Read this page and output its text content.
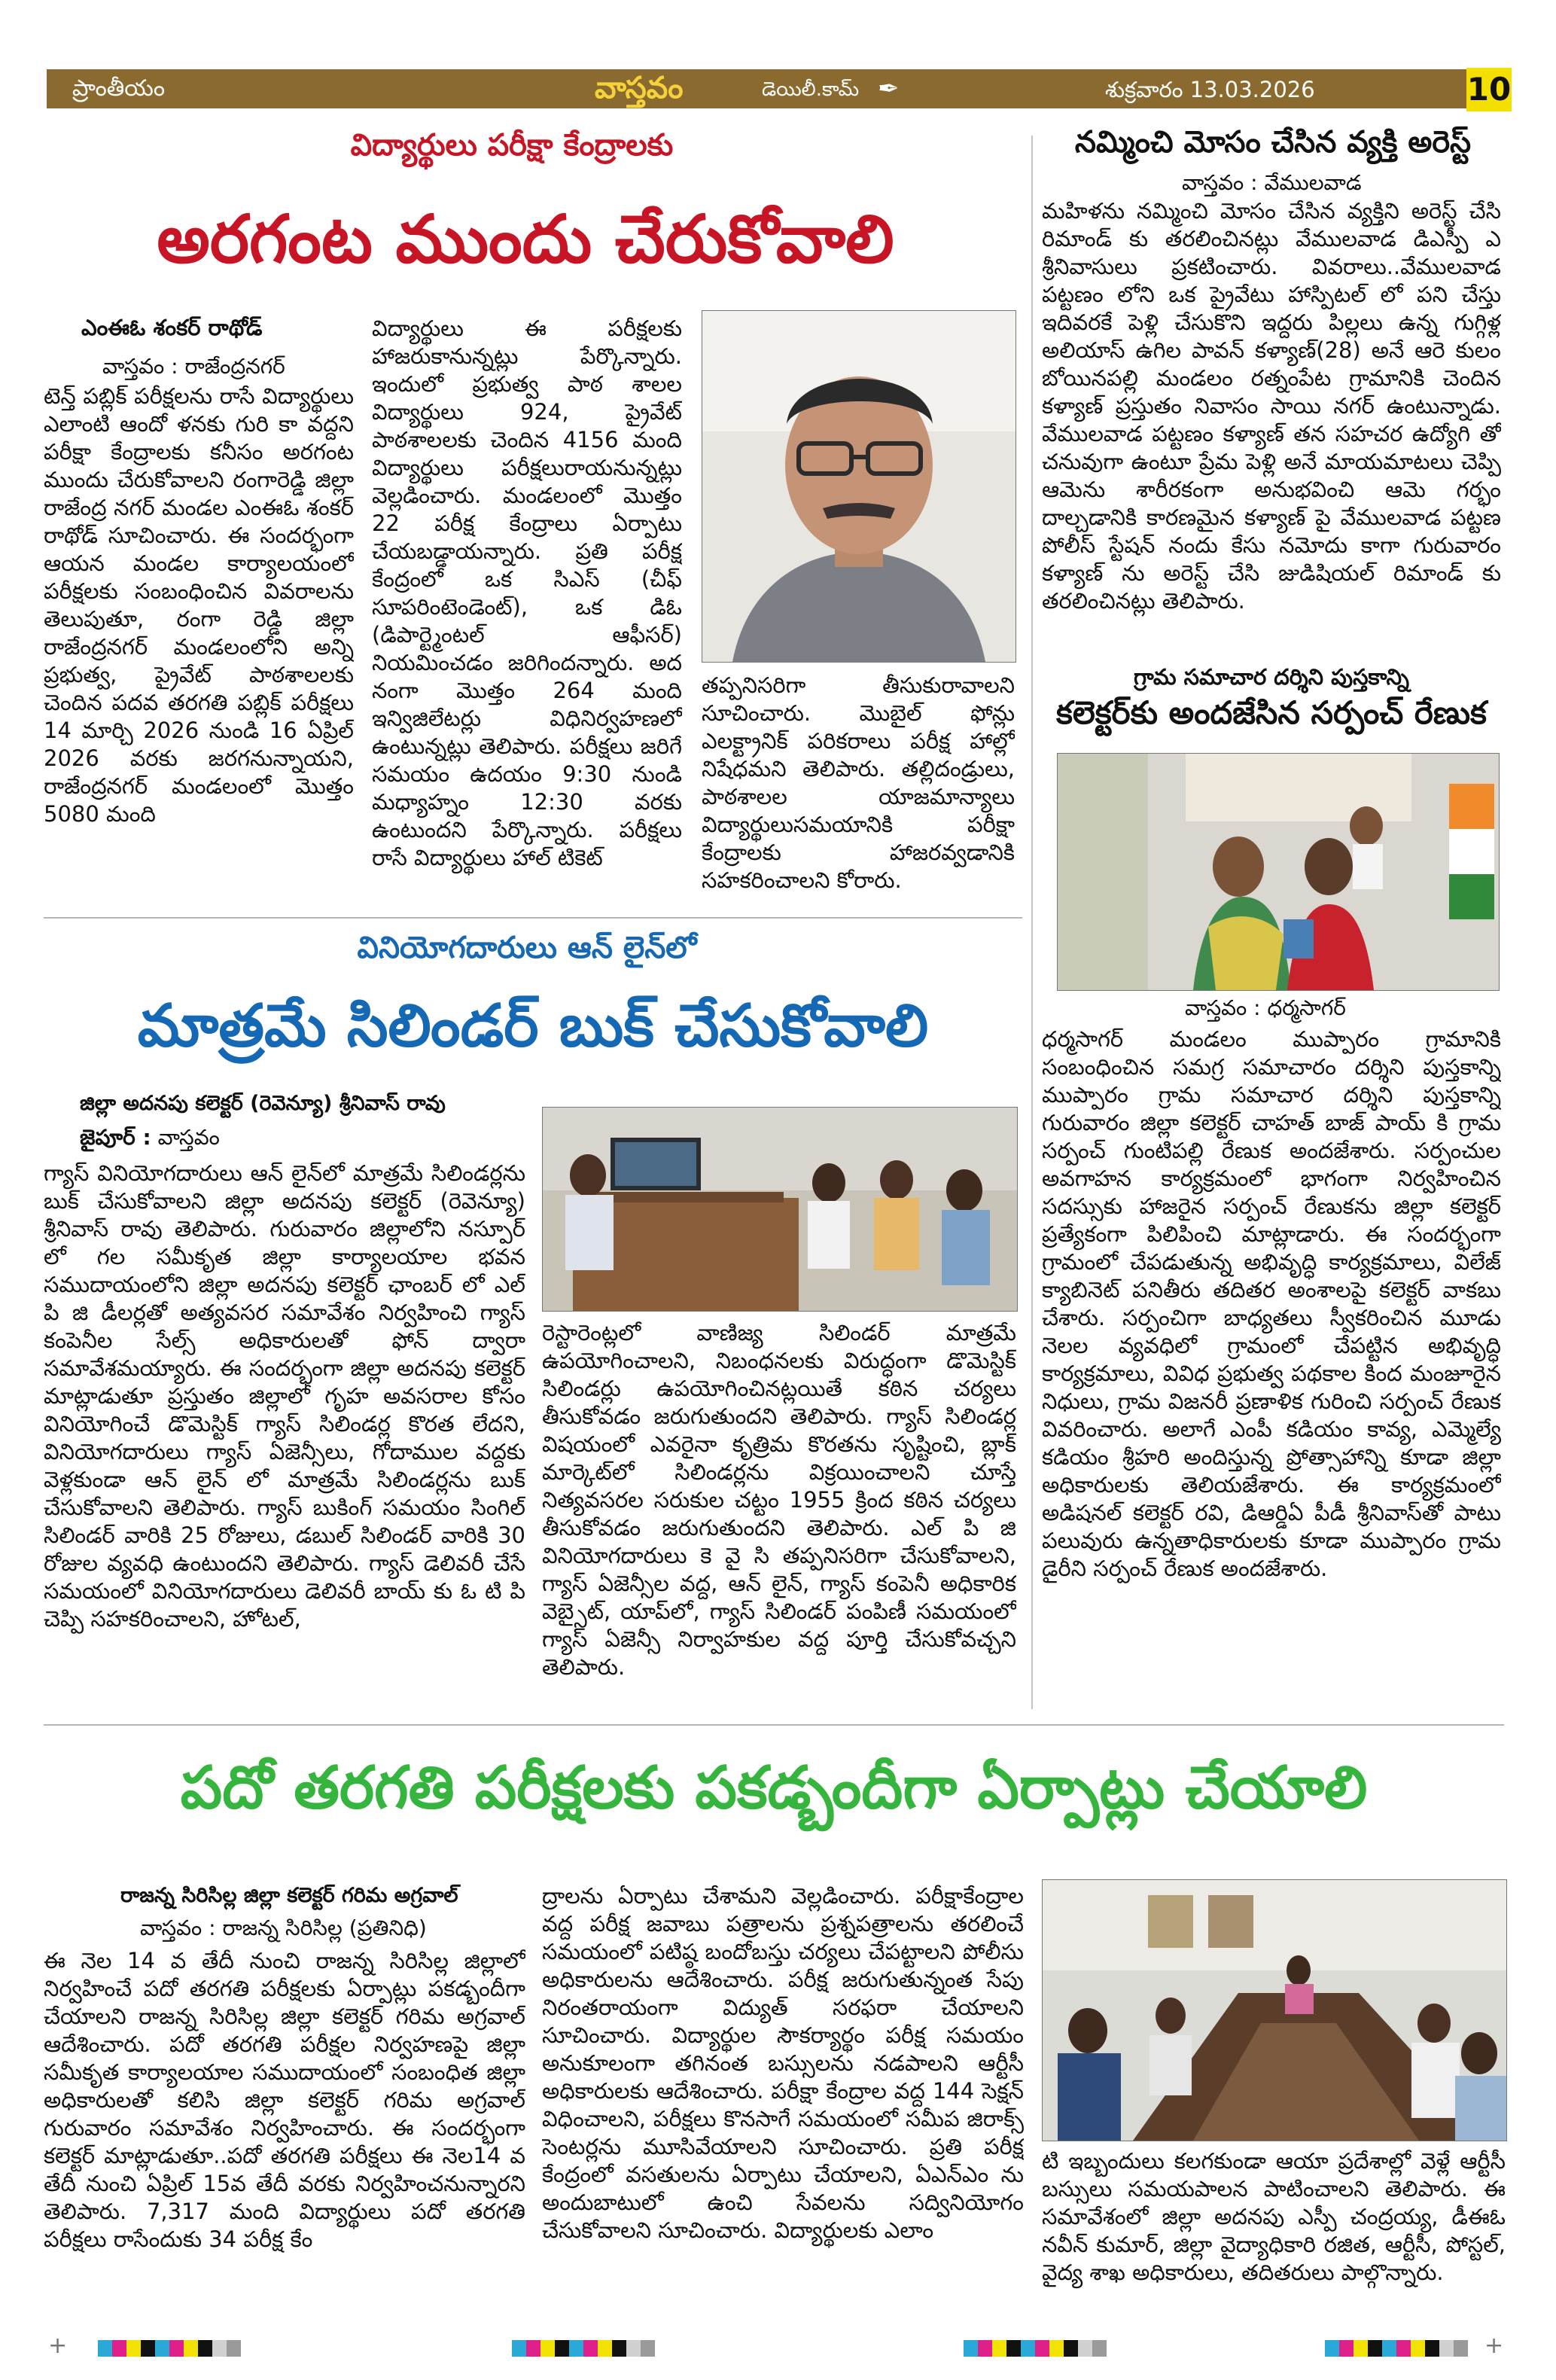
ప్రాంతీయం	వాస్తవం	డెయిలీ.కామ్ ✒	శుక్రవారం 13.03.2026	10
విద్యార్థులు పరీక్షా కేంద్రాలకు
అరగంట ముందు చేరుకోవాలి
ఎంఈఓ శంకర్ రాథోడ్
వాస్తవం : రాజేంద్రనగర్

టెన్త్ పబ్లిక్ పరీక్షలను రాసే విద్యార్థులు ఎలాంటి ఆందో ళనకు గురి కా వద్దని పరీక్షా కేంద్రాలకు కనీసం అరగంట ముందు చేరుకోవాలని రంగారెడ్డి జిల్లా రాజేంద్ర నగర్ మండల ఎంఈఓ శంకర్ రాథోడ్ సూచించారు. ఈ సందర్భంగా ఆయన మండల కార్యాలయంలో పరీక్షలకు సంబంధించిన వివరాలను తెలుపుతూ, రంగా రెడ్డి జిల్లా రాజేంద్రనగర్ మండలంలోని అన్ని ప్రభుత్వ, ప్రైవేట్ పాఠశాలలకు చెందిన పదవ తరగతి పబ్లిక్ పరీక్షలు 14 మార్చి 2026 నుండి 16 ఏప్రిల్ 2026 వరకు జరగనున్నాయని, రాజేంద్రనగర్ మండలంలో మొత్తం 5080 మంది

విద్యార్థులు ఈ పరీక్షలకు హాజరుకానున్నట్లు పేర్కొన్నారు. ఇందులో ప్రభుత్వ పాఠ శాలల విద్యార్థులు 924, ప్రైవేట్ పాఠశాలలకు చెందిన 4156 మంది విద్యార్థులు పరీక్షలురాయనున్నట్లు వెల్లడించారు. మండలంలో మొత్తం 22 పరీక్ష కేంద్రాలు ఏర్పాటు చేయబడ్డాయన్నారు. ప్రతి పరీక్ష కేంద్రంలో ఒక సిఎస్ (చీఫ్ సూపరింటెండెంట్), ఒక డిఓ (డిపార్ట్మెంటల్ ఆఫీసర్) నియమించడం జరిగిందన్నారు. అద నంగా మొత్తం 264 మంది ఇన్విజిలేటర్లు విధినిర్వహణలో ఉంటున్నట్లు తెలిపారు. పరీక్షలు జరిగే సమయం ఉదయం 9:30 నుండి మధ్యాహ్నం 12:30 వరకు ఉంటుందని పేర్కొన్నారు. పరీక్షలు రాసే విద్యార్థులు హాల్ టికెట్

తప్పనిసరిగా తీసుకురావాలని సూచించారు. మొబైల్ ఫోన్లు ఎలక్ట్రానిక్ పరికరాలు పరీక్ష హాల్లో నిషేధమని తెలిపారు. తల్లిదండ్రులు, పాఠశాలల యాజమాన్యాలు విద్యార్థులుసమయానికి పరీక్షా కేంద్రాలకు హాజరవ్వడానికి సహకరించాలని కోరారు.

నమ్మించి మోసం చేసిన వ్యక్తి అరెస్ట్
వాస్తవం : వేములవాడ

మహిళను నమ్మించి మోసం చేసిన వ్యక్తిని అరెస్ట్ చేసి రిమాండ్ కు తరలించినట్లు వేములవాడ డిఎస్పీ ఎ శ్రీనివాసులు ప్రకటించారు. వివరాలు..వేములవాడ పట్టణం లోని ఒక ప్రైవేటు హాస్పిటల్ లో పని చేస్తు ఇదివరకే పెళ్లి చేసుకొని ఇద్దరు పిల్లలు ఉన్న గుగ్గిళ్ల అలియాస్ ఉగిల పావన్ కళ్యాణ్(28) అనే ఆరె కులం బోయినపల్లి మండలం రత్నంపేట గ్రామానికి చెందిన కళ్యాణ్ ప్రస్తుతం నివాసం సాయి నగర్ ఉంటున్నాడు. వేములవాడ పట్టణం కళ్యాణ్ తన సహచర ఉద్యోగి తో చనువుగా ఉంటూ ప్రేమ పెళ్లి అనే మాయమాటలు చెప్పి ఆమెను శారీరకంగా అనుభవించి ఆమె గర్భం దాల్చడానికి కారణమైన కళ్యాణ్ పై వేములవాడ పట్టణ పోలీస్ స్టేషన్ నందు కేసు నమోదు కాగా గురువారం కళ్యాణ్ ను అరెస్ట్ చేసి జుడిషియల్ రిమాండ్ కు తరలించినట్లు తెలిపారు.

గ్రామ సమాచార దర్శిని పుస్తకాన్ని
కలెక్టర్‌కు అందజేసిన సర్పంచ్ రేణుక
వాస్తవం : ధర్మసాగర్

ధర్మసాగర్ మండలం ముప్పారం గ్రామానికి సంబంధించిన సమగ్ర సమాచారం దర్శిని పుస్తకాన్ని ముప్పారం గ్రామ సమాచార దర్శిని పుస్తకాన్ని గురువారం జిల్లా కలెక్టర్ చాహత్ బాజ్ పాయ్ కి గ్రామ సర్పంచ్ గుంటిపల్లి రేణుక అందజేశారు. సర్పంచుల అవగాహన కార్యక్రమంలో భాగంగా నిర్వహించిన సదస్సుకు హాజరైన సర్పంచ్ రేణుకను జిల్లా కలెక్టర్ ప్రత్యేకంగా పిలిపించి మాట్లాడారు. ఈ సందర్భంగా గ్రామంలో చేపడుతున్న అభివృద్ధి కార్యక్రమాలు, విలేజ్ క్యాబినెట్ పనితీరు తదితర అంశాలపై కలెక్టర్ వాకబు చేశారు. సర్పంచిగా బాధ్యతలు స్వీకరించిన మూడు నెలల వ్యవధిలో గ్రామంలో చేపట్టిన అభివృద్ధి కార్యక్రమాలు, వివిధ ప్రభుత్వ పథకాల కింద మంజూరైన నిధులు, గ్రామ విజనరీ ప్రణాళిక గురించి సర్పంచ్ రేణుక వివరించారు. అలాగే ఎంపీ కడియం కావ్య, ఎమ్మెల్యే కడియం శ్రీహరి అందిస్తున్న ప్రోత్సాహాన్ని కూడా జిల్లా అధికారులకు తెలియజేశారు. ఈ కార్యక్రమంలో అడిషనల్ కలెక్టర్ రవి, డిఆర్డిఏ పీడీ శ్రీనివాస్‌తో పాటు పలువురు ఉన్నతాధికారులకు కూడా ముప్పారం గ్రామ డైరీని సర్పంచ్ రేణుక అందజేశారు.

వినియోగదారులు ఆన్ లైన్‌లో
మాత్రమే సిలిండర్ బుక్ చేసుకోవాలి
జిల్లా అదనపు కలెక్టర్ (రెవెన్యూ) శ్రీనివాస్ రావు
జైపూర్ : వాస్తవం

గ్యాస్ వినియోగదారులు ఆన్ లైన్‌లో మాత్రమే సిలిండర్లను బుక్ చేసుకోవాలని జిల్లా అదనపు కలెక్టర్ (రెవెన్యూ) శ్రీనివాస్ రావు తెలిపారు. గురువారం జిల్లాలోని నస్పూర్ లో గల సమీకృత జిల్లా కార్యాలయాల భవన సముదాయంలోని జిల్లా అదనపు కలెక్టర్ ఛాంబర్ లో ఎల్ పి జి డీలర్లతో అత్యవసర సమావేశం నిర్వహించి గ్యాస్ కంపెనీల సేల్స్ అధికారులతో ఫోన్ ద్వారా సమావేశమయ్యారు. ఈ సందర్భంగా జిల్లా అదనపు కలెక్టర్ మాట్లాడుతూ ప్రస్తుతం జిల్లాలో గృహ అవసరాల కోసం వినియోగించే డొమెస్టిక్ గ్యాస్ సిలిండర్ల కొరత లేదని, వినియోగదారులు గ్యాస్ ఏజెన్సీలు, గోదాముల వద్దకు వెళ్లకుండా ఆన్ లైన్ లో మాత్రమే సిలిండర్లను బుక్ చేసుకోవాలని తెలిపారు. గ్యాస్ బుకింగ్ సమయం సింగిల్ సిలిండర్ వారికి 25 రోజులు, డబుల్ సిలిండర్ వారికి 30 రోజుల వ్యవధి ఉంటుందని తెలిపారు. గ్యాస్ డెలివరీ చేసే సమయంలో వినియోగదారులు డెలివరీ బాయ్ కు ఓ టి పి చెప్పి సహకరించాలని, హోటల్,

రెస్టారెంట్లలో వాణిజ్య సిలిండర్ మాత్రమే ఉపయోగించాలని, నిబంధనలకు విరుద్ధంగా డొమెస్టిక్ సిలిండర్లు ఉపయోగించినట్లయితే కఠిన చర్యలు తీసుకోవడం జరుగుతుందని తెలిపారు. గ్యాస్ సిలిండర్ల విషయంలో ఎవరైనా కృత్రిమ కొరతను సృష్టించి, బ్లాక్ మార్కెట్‌లో సిలిండర్లను విక్రయించాలని చూస్తే నిత్యవసరల సరుకుల చట్టం 1955 క్రింద కఠిన చర్యలు తీసుకోవడం జరుగుతుందని తెలిపారు. ఎల్ పి జి వినియోగదారులు కె వై సి తప్పనిసరిగా చేసుకోవాలని, గ్యాస్ ఏజెన్సీల వద్ద, ఆన్ లైన్, గ్యాస్ కంపెనీ అధికారిక వెబ్సైట్, యాప్‌లో, గ్యాస్ సిలిండర్ పంపిణీ సమయంలో గ్యాస్ ఏజెన్సీ నిర్వాహకుల వద్ద పూర్తి చేసుకోవచ్చని తెలిపారు.

పదో తరగతి పరీక్షలకు పకడ్బందీగా ఏర్పాట్లు చేయాలి
రాజన్న సిరిసిల్ల జిల్లా కలెక్టర్ గరిమ అగ్రవాల్
వాస్తవం : రాజన్న సిరిసిల్ల (ప్రతినిధి)

ఈ నెల 14 వ తేదీ నుంచి రాజన్న సిరిసిల్ల జిల్లాలో నిర్వహించే పదో తరగతి పరీక్షలకు ఏర్పాట్లు పకడ్బందీగా చేయాలని రాజన్న సిరిసిల్ల జిల్లా కలెక్టర్ గరిమ అగ్రవాల్ ఆదేశించారు. పదో తరగతి పరీక్షల నిర్వహణపై జిల్లా సమీకృత కార్యాలయాల సముదాయంలో సంబంధిత జిల్లా అధికారులతో కలిసి జిల్లా కలెక్టర్ గరిమ అగ్రవాల్ గురువారం సమావేశం నిర్వహించారు. ఈ సందర్భంగా కలెక్టర్ మాట్లాడుతూ..పదో తరగతి పరీక్షలు ఈ నెల14 వ తేదీ నుంచి ఏప్రిల్ 15వ తేదీ వరకు నిర్వహించనున్నారని తెలిపారు. 7,317 మంది విద్యార్థులు పదో తరగతి పరీక్షలు రాసేందుకు 34 పరీక్ష కేం

ద్రాలను ఏర్పాటు చేశామని వెల్లడించారు. పరీక్షాకేంద్రాల వద్ద పరీక్ష జవాబు పత్రాలను ప్రశ్నపత్రాలను తరలించే సమయంలో పటిష్ఠ బందోబస్తు చర్యలు చేపట్టాలని పోలీసు అధికారులను ఆదేశించారు. పరీక్ష జరుగుతున్నంత సేపు నిరంతరాయంగా విద్యుత్ సరఫరా చేయాలని సూచించారు. విద్యార్థుల సౌకర్యార్థం పరీక్ష సమయం అనుకూలంగా తగినంత బస్సులను నడపాలని ఆర్టీసీ అధికారులకు ఆదేశించారు. పరీక్షా కేంద్రాల వద్ద 144 సెక్షన్ విధించాలని, పరీక్షలు కొనసాగే సమయంలో సమీప జిరాక్స్ సెంటర్లను మూసివేయాలని సూచించారు. ప్రతి పరీక్ష కేంద్రంలో వసతులను ఏర్పాటు చేయాలని, ఏఎన్ఎం ను అందుబాటులో ఉంచి సేవలను సద్వినియోగం చేసుకోవాలని సూచించారు. విద్యార్థులకు ఎలాం

టి ఇబ్బందులు కలగకుండా ఆయా ప్రదేశాల్లో వెళ్లే ఆర్టీసీ బస్సులు సమయపాలన పాటించాలని తెలిపారు. ఈ సమావేశంలో జిల్లా అదనపు ఎస్పీ చంద్రయ్య, డీఈఓ నవీన్ కుమార్, జిల్లా వైద్యాధికారి రజిత, ఆర్టీసీ, పోస్టల్, వైద్య శాఖ అధికారులు, తదితరులు పాల్గొన్నారు.

+	+
